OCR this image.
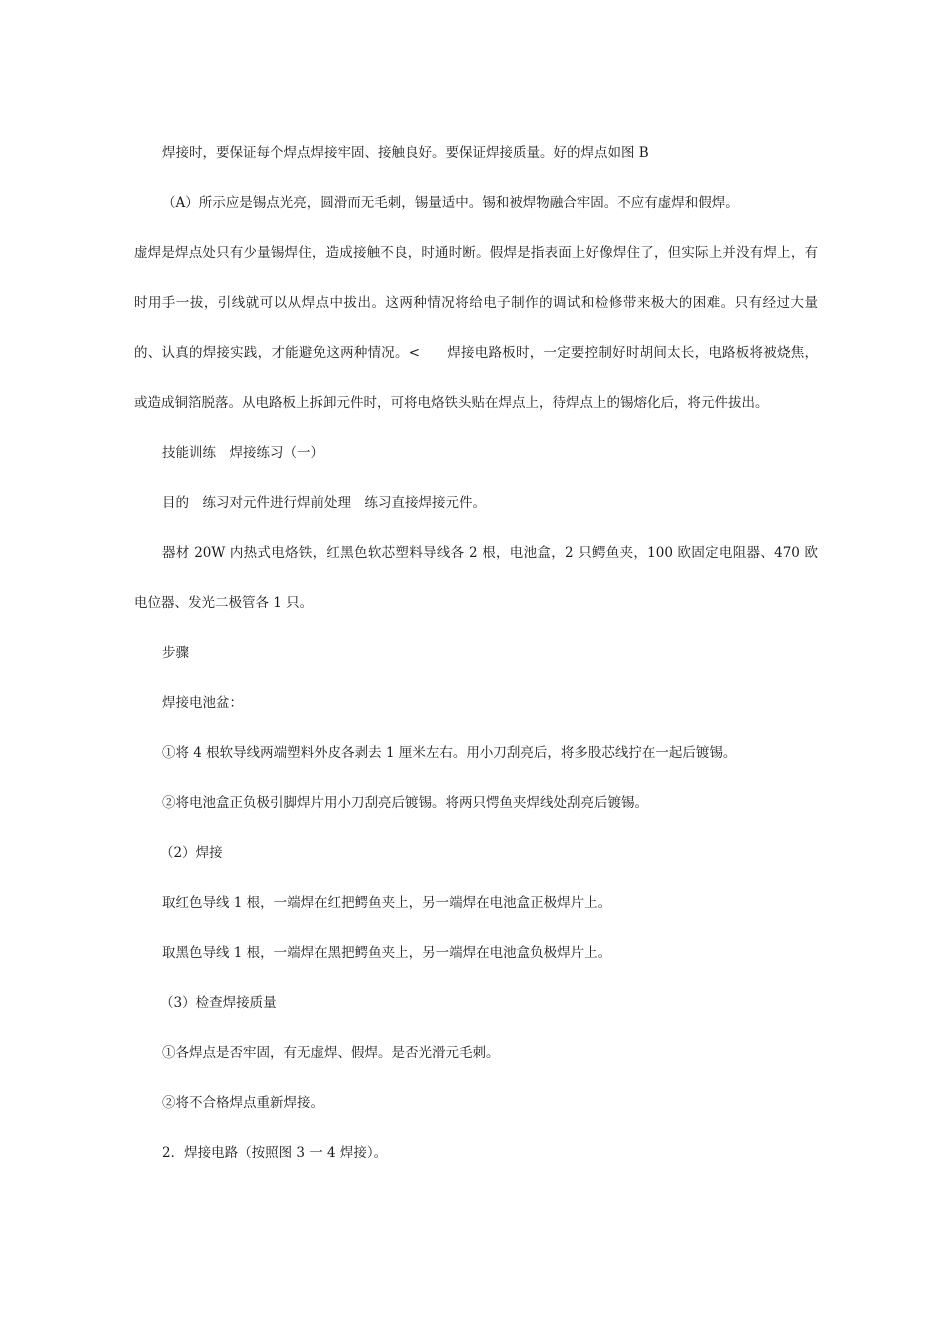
焊接时，要保证每个焊点焊接牢固、接触良好。要保证焊接质量。好的焊点如图 B

（A）所示应是锡点光亮，圆滑而无毛刺，锡量适中。锡和被焊物融合牢固。不应有虚焊和假焊。

虚焊是焊点处只有少量锡焊住，造成接触不良，时通时断。假焊是指表面上好像焊住了，但实际上并没有焊上，有时用手一拔，引线就可以从焊点中拔出。这两种情况将给电子制作的调试和检修带来极大的困难。只有经过大量的、认真的焊接实践，才能避免这两种情况。<      焊接电路板时，一定要控制好时胡间太长，电路板将被烧焦，或造成铜箔脱落。从电路板上拆卸元件时，可将电烙铁头贴在焊点上，待焊点上的锡熔化后，将元件拔出。

技能训练　焊接练习（一）

目的　练习对元件进行焊前处理　练习直接焊接元件。

器材 20W 内热式电烙铁，红黑色软芯塑料导线各 2 根，电池盒，2 只鳄鱼夹，100 欧固定电阻器、470 欧电位器、发光二极管各 1 只。

步骤

焊接电池盆：

①将 4 根软导线两端塑料外皮各剥去 1 厘米左右。用小刀刮亮后，将多股芯线拧在一起后镀锡。

②将电池盒正负极引脚焊片用小刀刮亮后镀锡。将两只愕鱼夹焊线处刮亮后镀锡。

（2）焊接

取红色导线 1 根，一端焊在红把鳄鱼夹上，另一端焊在电池盒正极焊片上。

取黑色导线 1 根，一端焊在黑把鳄鱼夹上，另一端焊在电池盒负极焊片上。

（3）检查焊接质量

①各焊点是否牢固，有无虚焊、假焊。是否光滑元毛刺。

②将不合格焊点重新焊接。

2．焊接电路（按照图 3 一 4 焊接）。
